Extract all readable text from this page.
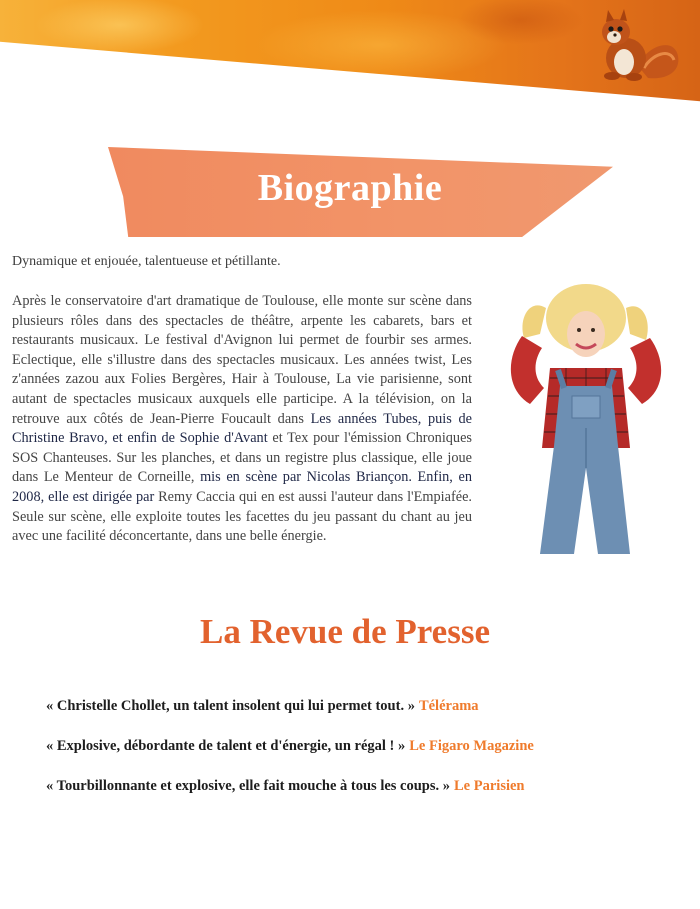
Biographie

Dynamique et enjouée, talentueuse et pétillante.

Après le conservatoire d'art dramatique de Toulouse, elle monte sur scène dans plusieurs rôles dans des spectacles de théâtre, arpente les cabarets, bars et restaurants musicaux. Le festival d'Avignon lui permet de fourbir ses armes. Eclectique, elle s'illustre dans des spectacles musicaux. Les années twist, Les z'années zazou aux Folies Bergères, Hair à Toulouse, La vie parisienne, sont autant de spectacles musicaux auxquels elle participe. A la télévision, on la retrouve aux côtés de Jean-Pierre Foucault dans Les années Tubes, puis de Christine Bravo, et enfin de Sophie d'Avant et Tex pour l'émission Chroniques SOS Chanteuses. Sur les planches, et dans un registre plus classique, elle joue dans Le Menteur de Corneille, mis en scène par Nicolas Briançon. Enfin, en 2008, elle est dirigée par Remy Caccia qui en est aussi l'auteur dans l'Empiafée. Seule sur scène, elle exploite toutes les facettes du jeu passant du chant au jeu avec une facilité déconcertante, dans une belle énergie.

La Revue de Presse
« Christelle Chollet, un talent insolent qui lui permet tout. » Télérama
« Explosive, débordante de talent et d'énergie, un régal ! » Le Figaro Magazine
« Tourbillonnante et explosive, elle fait mouche à tous les coups. » Le Parisien
